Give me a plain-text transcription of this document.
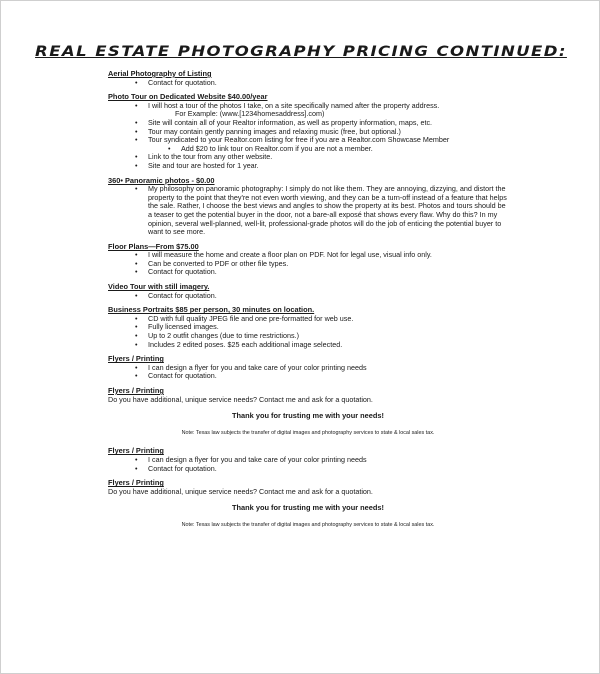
REAL ESTATE PHOTOGRAPHY PRICING CONTINUED:
Aerial Photography of Listing
• Contact for quotation.
Photo Tour on Dedicated Website $40.00/year
• I will host a tour of the photos I take, on a site specifically named after the property address.
For Example: (www.[1234homesaddress].com)
• Site will contain all of your Realtor information, as well as property information, maps, etc.
• Tour may contain gently panning images and relaxing music (free, but optional.)
• Tour syndicated to your Realtor.com listing for free if you are a Realtor.com Showcase Member
• Add $20 to link tour on Realtor.com if you are not a member.
• Link to the tour from any other website.
• Site and tour are hosted for 1 year.
360• Panoramic photos - $0.00
• My philosophy on panoramic photography: I simply do not like them. They are annoying, dizzying, and distort the property to the point that they're not even worth viewing, and they can be a turn-off instead of a feature that helps the sale. Rather, I choose the best views and angles to show the property at its best. Photos and tours should be a teaser to get the potential buyer in the door, not a bare-all exposé that shows every flaw. Why do this? In my opinion, several well-planned, well-lit, professional-grade photos will do the job of enticing the potential buyer to want to see more.
Floor Plans—From $75.00
• I will measure the home and create a floor plan on PDF. Not for legal use, visual info only.
• Can be converted to PDF or other file types.
• Contact for quotation.
Video Tour with still imagery.
• Contact for quotation.
Business Portraits $85 per person, 30 minutes on location.
• CD with full quality JPEG file and one pre-formatted for web use.
• Fully licensed images.
• Up to 2 outfit changes (due to time restrictions.)
• Includes 2 edited poses. $25 each additional image selected.
Flyers / Printing
• I can design a flyer for you and take care of your color printing needs
• Contact for quotation.
Flyers / Printing
Do you have additional, unique service needs? Contact me and ask for a quotation.
Thank you for trusting me with your needs!
Note: Texas law subjects the transfer of digital images and photography services to state & local sales tax.
Flyers / Printing
• I can design a flyer for you and take care of your color printing needs
• Contact for quotation.
Flyers / Printing
Do you have additional, unique service needs? Contact me and ask for a quotation.
Thank you for trusting me with your needs!
Note: Texas law subjects the transfer of digital images and photography services to state & local sales tax.
